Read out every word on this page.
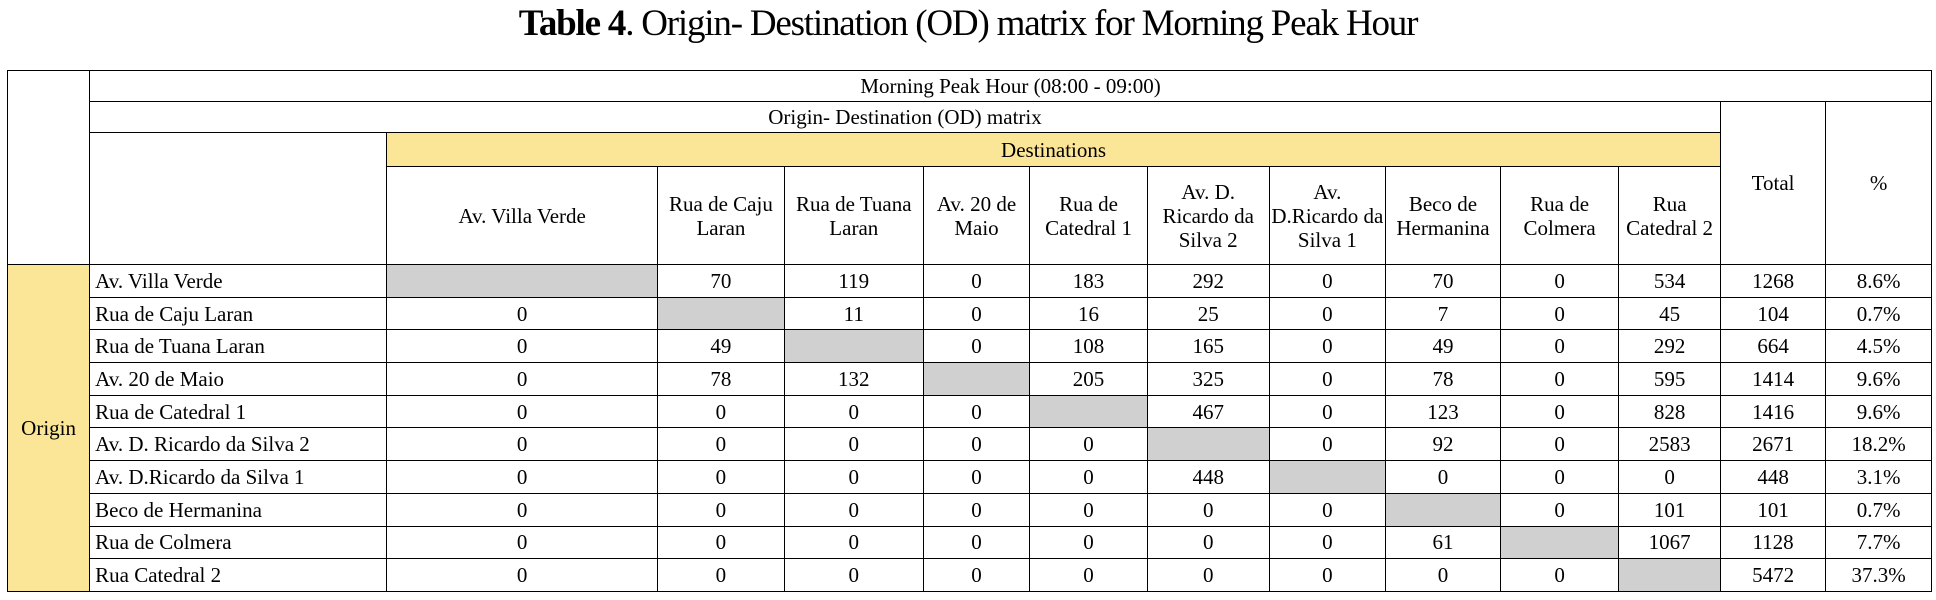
Table 4. Origin- Destination (OD) matrix for Morning Peak Hour
	Morning Peak Hour (08:00 - 09:00)												
	Origin- Destination (OD) matrix											Total	%
		Destinations											
		Av. Villa Verde	Rua de Caju Laran	Rua de Tuana Laran	Av. 20 de Maio	Rua de Catedral 1	Av. D. Ricardo da Silva 2	Av. D.Ricardo da Silva 1	Beco de Hermanina	Rua de Colmera	Rua Catedral 2		
Origin	Av. Villa Verde		70	119	0	183	292	0	70	0	534	1268	8.6%
	Rua de Caju Laran	0		11	0	16	25	0	7	0	45	104	0.7%
	Rua de Tuana Laran	0	49		0	108	165	0	49	0	292	664	4.5%
	Av. 20 de Maio	0	78	132		205	325	0	78	0	595	1414	9.6%
	Rua de Catedral 1	0	0	0	0		467	0	123	0	828	1416	9.6%
	Av. D. Ricardo da Silva 2	0	0	0	0	0		0	92	0	2583	2671	18.2%
	Av. D.Ricardo da Silva 1	0	0	0	0	0	448		0	0	0	448	3.1%
	Beco de Hermanina	0	0	0	0	0	0	0		0	101	101	0.7%
	Rua de Colmera	0	0	0	0	0	0	0	61		1067	1128	7.7%
	Rua Catedral 2	0	0	0	0	0	0	0	0	0		5472	37.3%
